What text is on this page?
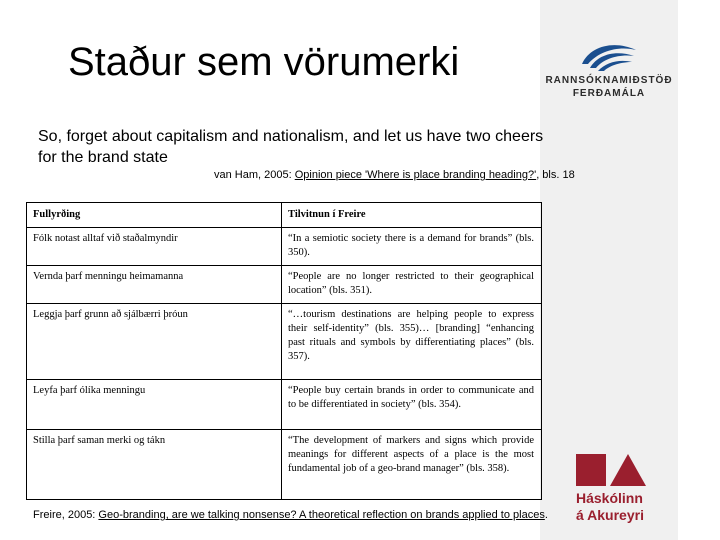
Staður sem vörumerki	RANNSÓKNAMIÐSTÖÐ
FERÐAMÁLA
So, forget about capitalism and nationalism, and let us have two cheers for the brand state
van Ham, 2005: Opinion piece 'Where is place branding heading?', bls. 18
Fullyrðing	Tilvitnun í Freire
Fólk notast alltaf við staðalmyndir	“In a semiotic society there is a demand for brands” (bls. 350).
Vernda þarf menningu heimamanna	“People are no longer restricted to their geographical location” (bls. 351).
Leggja þarf grunn að sjálbærri þróun	“…tourism destinations are helping people to express their self-identity” (bls. 355)… [branding] “enhancing past rituals and symbols by differentiating places” (bls. 357).
Leyfa þarf ólíka menningu	“People buy certain brands in order to communicate and to be differentiated in society” (bls. 354).
Stilla þarf saman merki og tákn	“The development of markers and signs which provide meanings for different aspects of a place is the most fundamental job of a geo-brand manager” (bls. 358).
Freire, 2005: Geo-branding, are we talking nonsense? A theoretical reflection on brands applied to places.
Háskólinn
á Akureyri
